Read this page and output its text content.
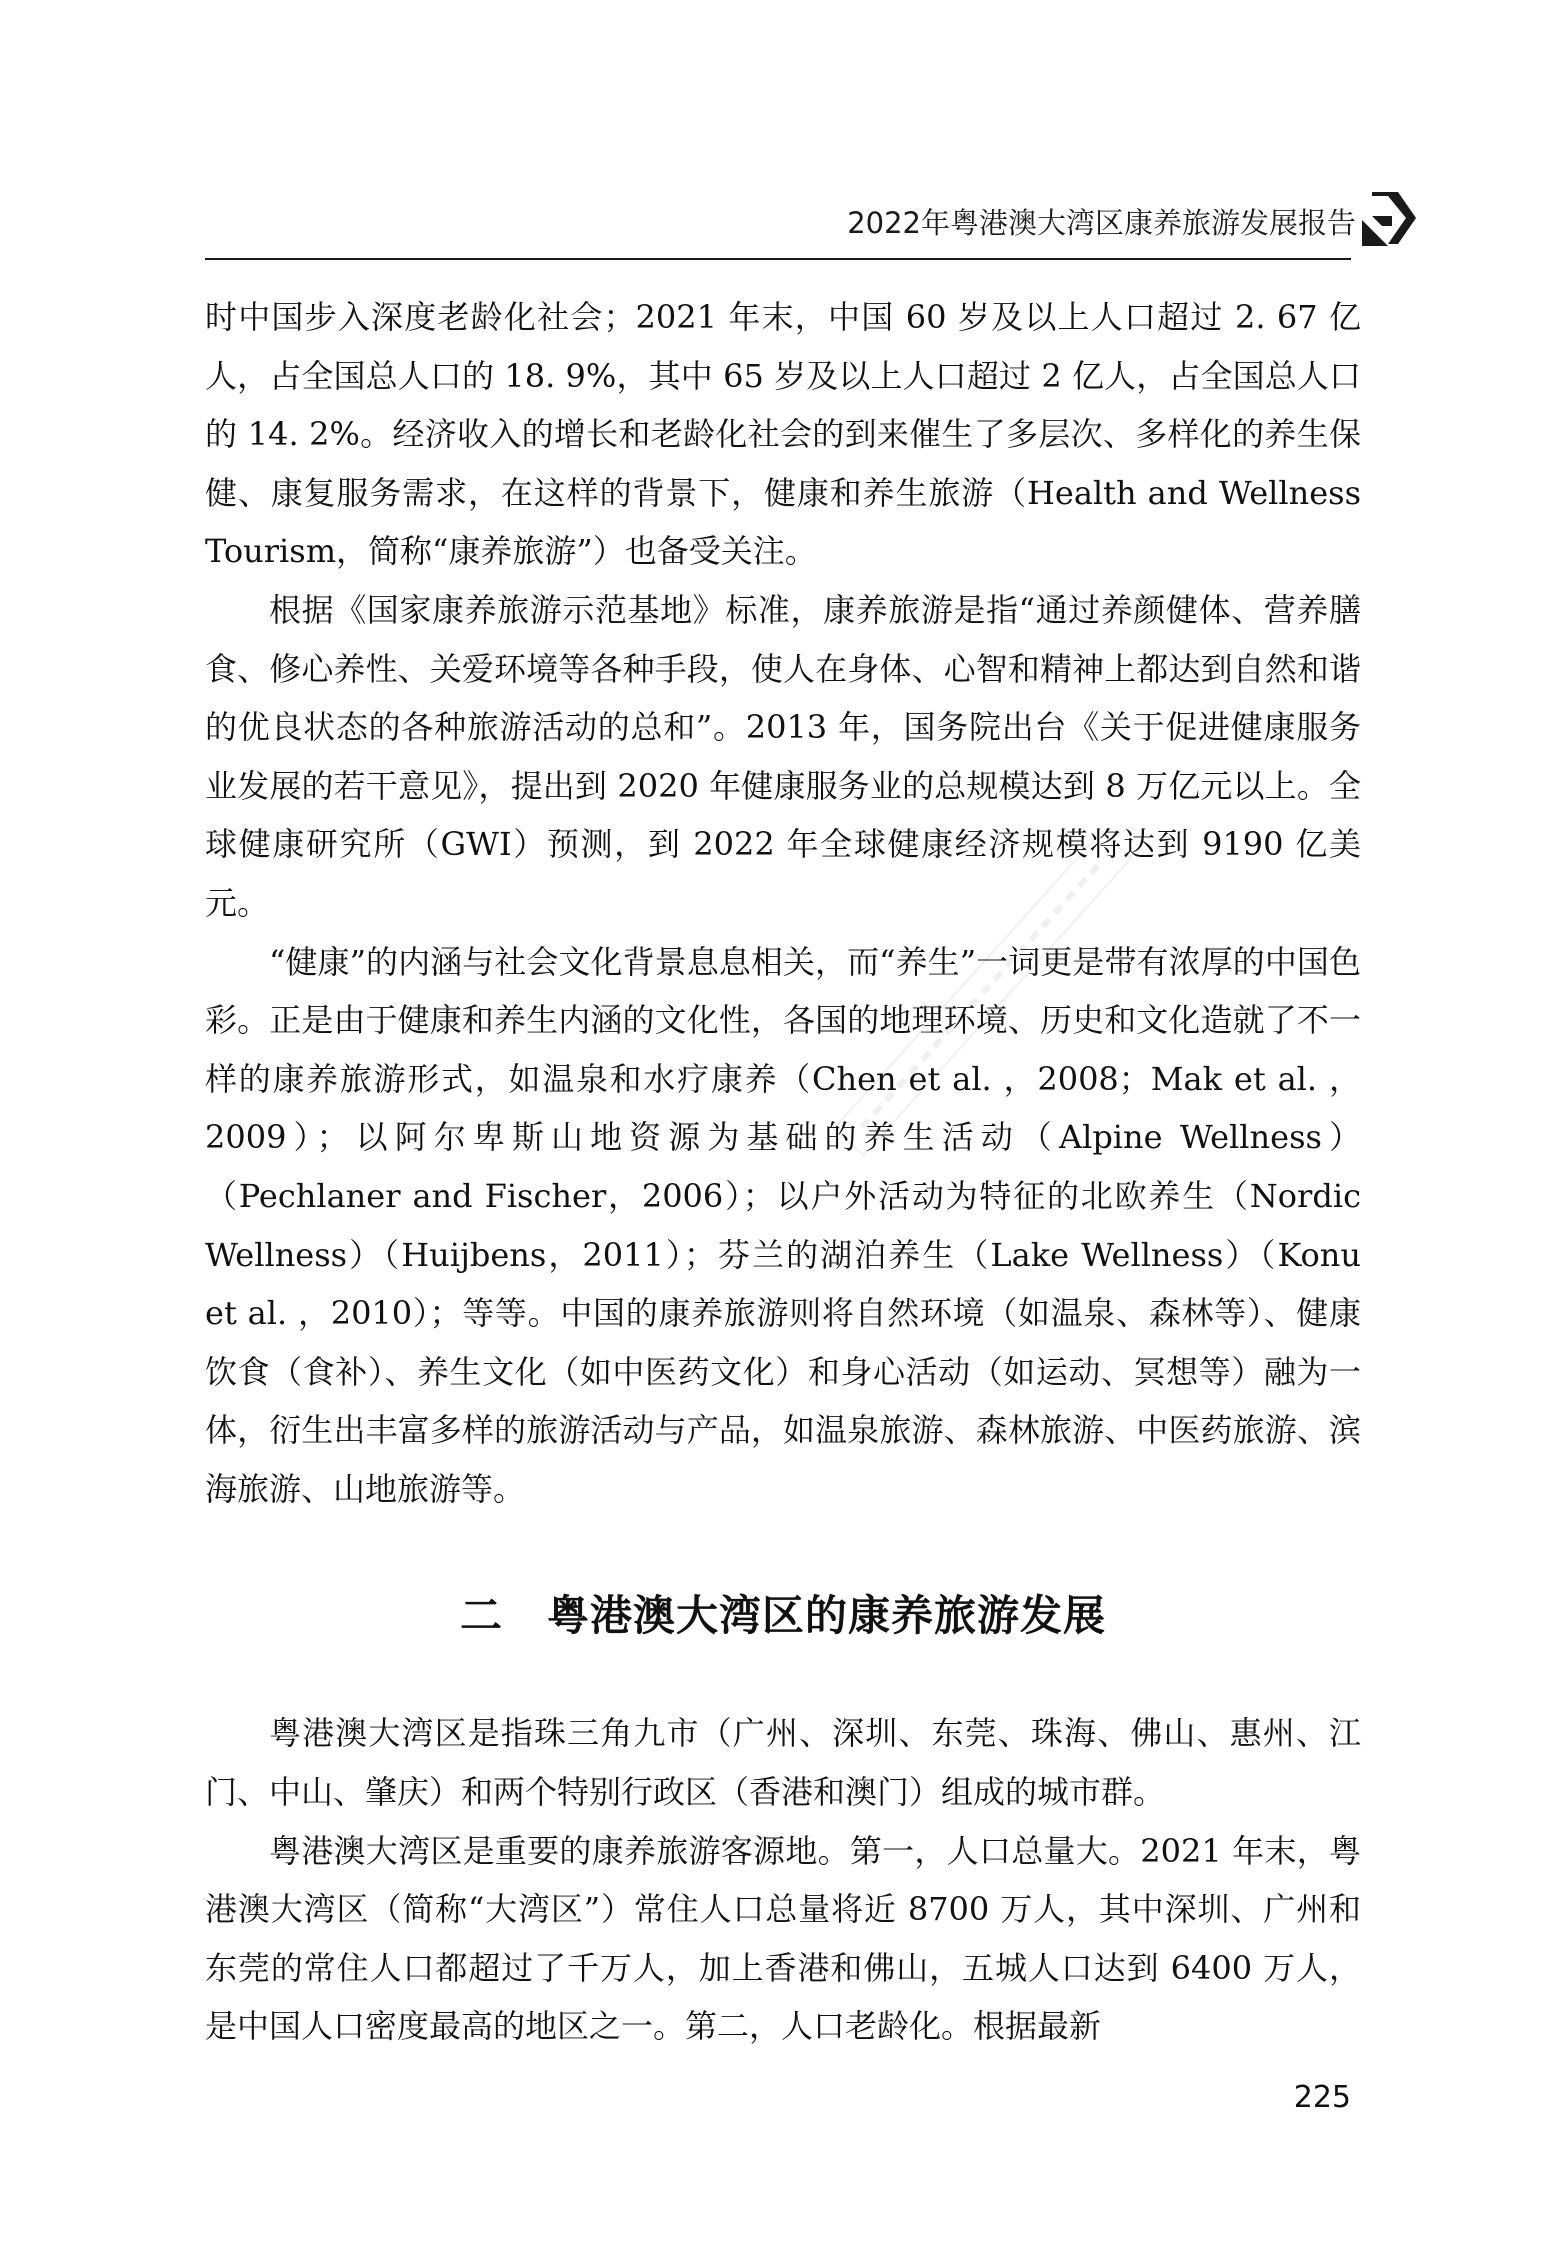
2022年粤港澳大湾区康养旅游发展报告

时中国步入深度老龄化社会；2021 年末，中国 60 岁及以上人口超过 2. 67 亿人，占全国总人口的 18. 9%，其中 65 岁及以上人口超过 2 亿人，占全国总人口的 14. 2%。经济收入的增长和老龄化社会的到来催生了多层次、多样化的养生保健、康复服务需求，在这样的背景下，健康和养生旅游（Health and Wellness Tourism，简称“康养旅游”）也备受关注。

根据《国家康养旅游示范基地》标准，康养旅游是指“通过养颜健体、营养膳食、修心养性、关爱环境等各种手段，使人在身体、心智和精神上都达到自然和谐的优良状态的各种旅游活动的总和”。2013 年，国务院出台《关于促进健康服务业发展的若干意见》，提出到 2020 年健康服务业的总规模达到 8 万亿元以上。全球健康研究所（GWI）预测，到 2022 年全球健康经济规模将达到 9190 亿美元。

“健康”的内涵与社会文化背景息息相关，而“养生”一词更是带有浓厚的中国色彩。正是由于健康和养生内涵的文化性，各国的地理环境、历史和文化造就了不一样的康养旅游形式，如温泉和水疗康养（Chen et al. ，2008；Mak et al. ，2009）；以阿尔卑斯山地资源为基础的养生活动（Alpine Wellness）（Pechlaner and Fischer，2006）；以户外活动为特征的北欧养生（Nordic Wellness）（Huijbens，2011）；芬兰的湖泊养生（Lake Wellness）（Konu et al. ，2010）；等等。中国的康养旅游则将自然环境（如温泉、森林等）、健康饮食（食补）、养生文化（如中医药文化）和身心活动（如运动、冥想等）融为一体，衍生出丰富多样的旅游活动与产品，如温泉旅游、森林旅游、中医药旅游、滨海旅游、山地旅游等。

二 粤港澳大湾区的康养旅游发展

粤港澳大湾区是指珠三角九市（广州、深圳、东莞、珠海、佛山、惠州、江门、中山、肇庆）和两个特别行政区（香港和澳门）组成的城市群。

粤港澳大湾区是重要的康养旅游客源地。第一，人口总量大。2021 年末，粤港澳大湾区（简称“大湾区”）常住人口总量将近 8700 万人，其中深圳、广州和东莞的常住人口都超过了千万人，加上香港和佛山，五城人口达到 6400 万人，是中国人口密度最高的地区之一。第二，人口老龄化。根据最新

225
